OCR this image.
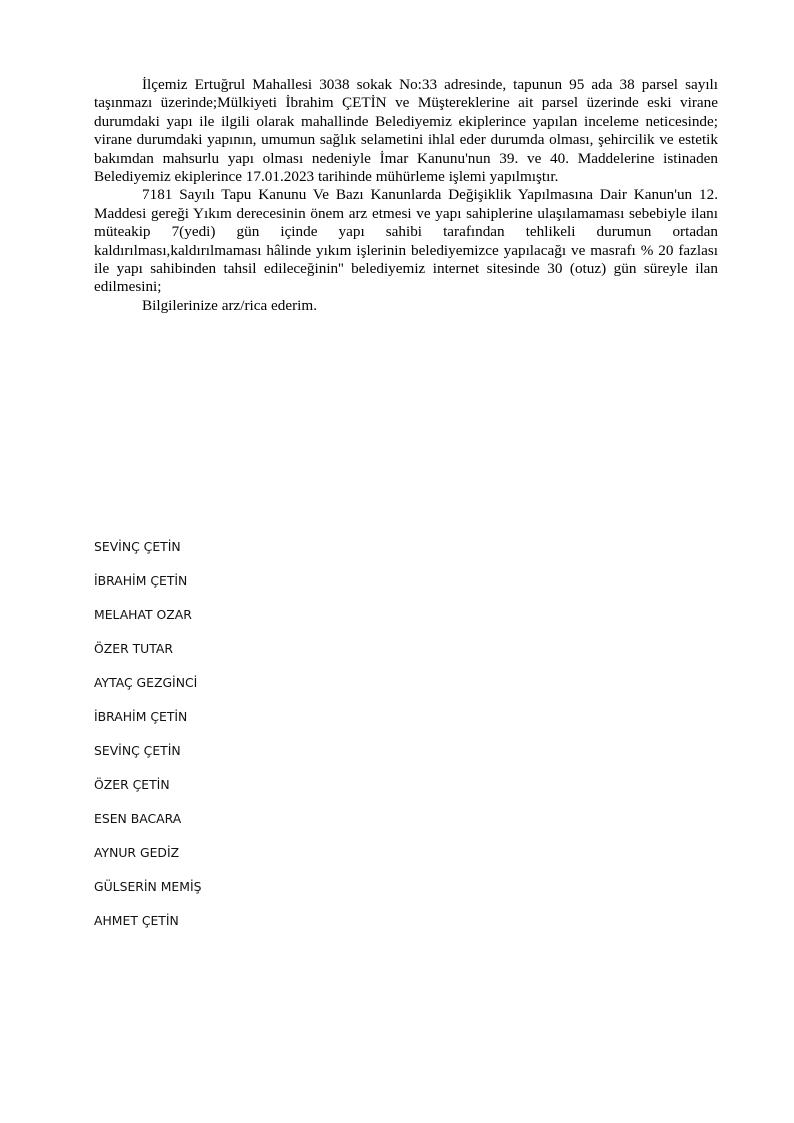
İlçemiz Ertuğrul Mahallesi 3038 sokak No:33 adresinde, tapunun 95 ada 38 parsel sayılı taşınmazı üzerinde;Mülkiyeti İbrahim ÇETİN ve Müştereklerine ait parsel üzerinde eski virane durumdaki yapı ile ilgili olarak mahallinde Belediyemiz ekiplerince yapılan inceleme neticesinde; virane durumdaki yapının, umumun sağlık selametini ihlal eder durumda olması, şehircilik ve estetik bakımdan mahsurlu yapı olması nedeniyle İmar Kanunu'nun 39. ve 40. Maddelerine istinaden Belediyemiz ekiplerince 17.01.2023 tarihinde mühürleme işlemi yapılmıştır.

7181 Sayılı Tapu Kanunu Ve Bazı Kanunlarda Değişiklik Yapılmasına Dair Kanun'un 12. Maddesi gereği Yıkım derecesinin önem arz etmesi ve yapı sahiplerine ulaşılamaması sebebiyle ilanı müteakip 7(yedi) gün içinde yapı sahibi tarafından tehlikeli durumun ortadan kaldırılması,kaldırılmaması hâlinde yıkım işlerinin belediyemizce yapılacağı ve masrafı % 20 fazlası ile yapı sahibinden tahsil edileceğinin'' belediyemiz internet sitesinde 30 (otuz) gün süreyle ilan edilmesini;

Bilgilerinize arz/rica ederim.

SEVİNÇ ÇETİN
İBRAHİM ÇETİN
MELAHAT OZAR
ÖZER TUTAR
AYTAÇ GEZGİNCİ
İBRAHİM ÇETİN
SEVİNÇ ÇETİN
ÖZER ÇETİN
ESEN BACARA
AYNUR GEDİZ
GÜLSERİN MEMİŞ
AHMET ÇETİN
